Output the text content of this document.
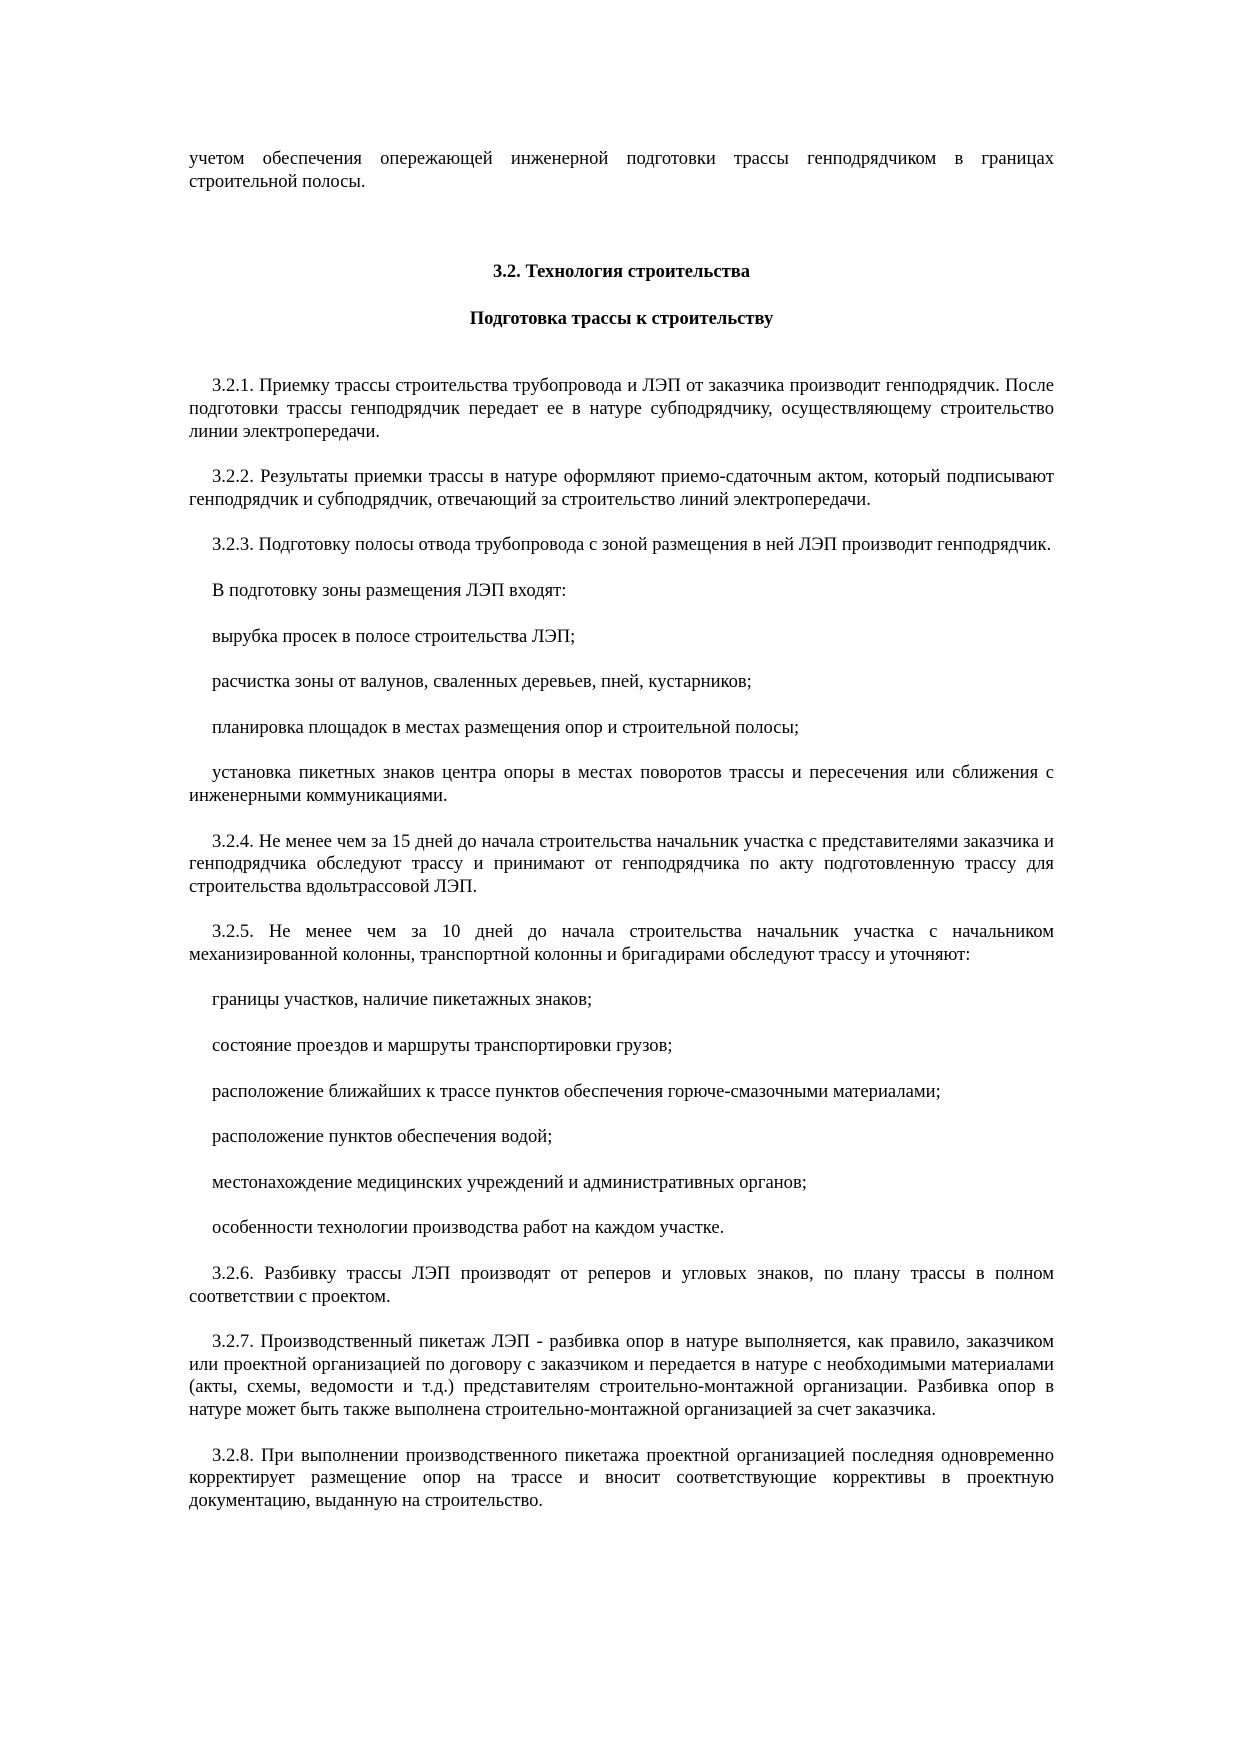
учетом обеспечения опережающей инженерной подготовки трассы генподрядчиком в границах строительной полосы.

3.2. Технология строительства

Подготовка трассы к строительству

3.2.1. Приемку трассы строительства трубопровода и ЛЭП от заказчика производит генподрядчик. После подготовки трассы генподрядчик передает ее в натуре субподрядчику, осуществляющему строительство линии электропередачи.

3.2.2. Результаты приемки трассы в натуре оформляют приемо-сдаточным актом, который подписывают генподрядчик и субподрядчик, отвечающий за строительство линий электропередачи.

3.2.3. Подготовку полосы отвода трубопровода с зоной размещения в ней ЛЭП производит генподрядчик.

В подготовку зоны размещения ЛЭП входят:

вырубка просек в полосе строительства ЛЭП;

расчистка зоны от валунов, сваленных деревьев, пней, кустарников;

планировка площадок в местах размещения опор и строительной полосы;

установка пикетных знаков центра опоры в местах поворотов трассы и пересечения или сближения с инженерными коммуникациями.

3.2.4. Не менее чем за 15 дней до начала строительства начальник участка с представителями заказчика и генподрядчика обследуют трассу и принимают от генподрядчика по акту подготовленную трассу для строительства вдольтрассовой ЛЭП.

3.2.5. Не менее чем за 10 дней до начала строительства начальник участка с начальником механизированной колонны, транспортной колонны и бригадирами обследуют трассу и уточняют:

границы участков, наличие пикетажных знаков;

состояние проездов и маршруты транспортировки грузов;

расположение ближайших к трассе пунктов обеспечения горюче-смазочными материалами;

расположение пунктов обеспечения водой;

местонахождение медицинских учреждений и административных органов;

особенности технологии производства работ на каждом участке.

3.2.6. Разбивку трассы ЛЭП производят от реперов и угловых знаков, по плану трассы в полном соответствии с проектом.

3.2.7. Производственный пикетаж ЛЭП - разбивка опор в натуре выполняется, как правило, заказчиком или проектной организацией по договору с заказчиком и передается в натуре с необходимыми материалами (акты, схемы, ведомости и т.д.) представителям строительно-монтажной организации. Разбивка опор в натуре может быть также выполнена строительно-монтажной организацией за счет заказчика.

3.2.8. При выполнении производственного пикетажа проектной организацией последняя одновременно корректирует размещение опор на трассе и вносит соответствующие коррективы в проектную документацию, выданную на строительство.
